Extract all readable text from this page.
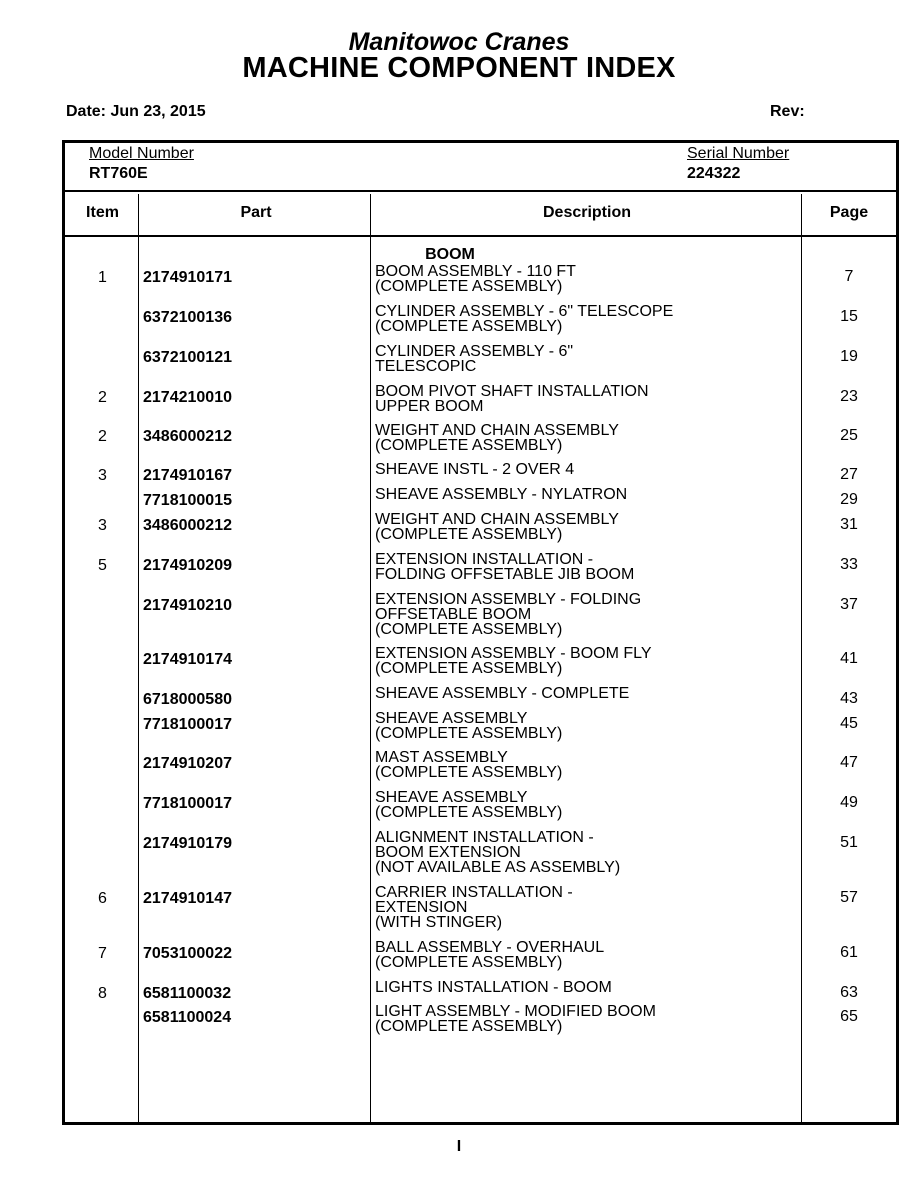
Manitowoc Cranes
MACHINE COMPONENT INDEX
Date: Jun 23, 2015	Rev:
Model Number
RT760E
Serial Number
224322
Item	Part	Description	Page
BOOM
1	2174910171	BOOM ASSEMBLY - 110 FT
(COMPLETE ASSEMBLY)
7
6372100136	CYLINDER ASSEMBLY - 6" TELESCOPE
(COMPLETE ASSEMBLY)
15
6372100121	CYLINDER ASSEMBLY - 6"
TELESCOPIC
19
2	2174210010	BOOM PIVOT SHAFT INSTALLATION
UPPER BOOM
23
2	3486000212	WEIGHT AND CHAIN ASSEMBLY
(COMPLETE ASSEMBLY)
25
3	2174910167	SHEAVE INSTL - 2 OVER 4	27
7718100015	SHEAVE ASSEMBLY - NYLATRON	29
3	3486000212	WEIGHT AND CHAIN ASSEMBLY
(COMPLETE ASSEMBLY)
31
5	2174910209	EXTENSION INSTALLATION -
FOLDING OFFSETABLE JIB BOOM
33
2174910210	EXTENSION ASSEMBLY - FOLDING
OFFSETABLE BOOM
(COMPLETE ASSEMBLY)
37
2174910174	EXTENSION ASSEMBLY - BOOM FLY
(COMPLETE ASSEMBLY)
41
6718000580	SHEAVE ASSEMBLY - COMPLETE	43
7718100017	SHEAVE ASSEMBLY
(COMPLETE ASSEMBLY)
45
2174910207	MAST ASSEMBLY
(COMPLETE ASSEMBLY)
47
7718100017	SHEAVE ASSEMBLY
(COMPLETE ASSEMBLY)
49
2174910179	ALIGNMENT INSTALLATION -
BOOM EXTENSION
(NOT AVAILABLE AS ASSEMBLY)
51
6	2174910147	CARRIER INSTALLATION -
EXTENSION
(WITH STINGER)
57
7	7053100022	BALL ASSEMBLY - OVERHAUL
(COMPLETE ASSEMBLY)
61
8	6581100032	LIGHTS INSTALLATION - BOOM	63
6581100024	LIGHT ASSEMBLY - MODIFIED BOOM
(COMPLETE ASSEMBLY)
65
I
